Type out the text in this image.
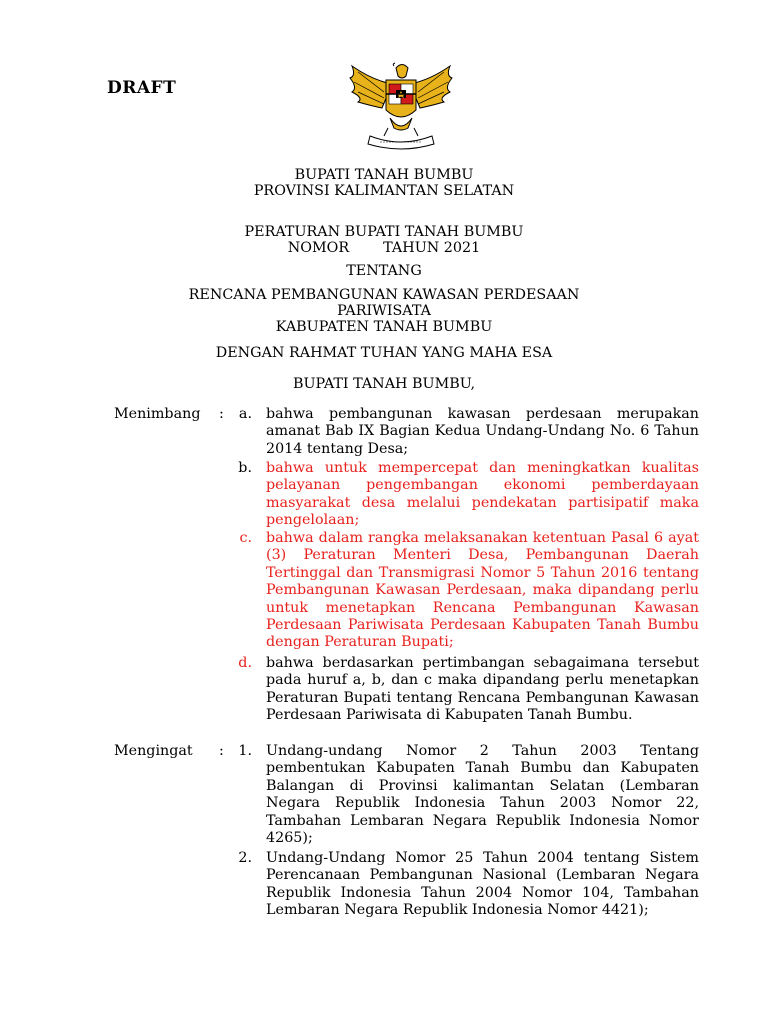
DRAFT
BUPATI TANAH BUMBU
PROVINSI KALIMANTAN SELATAN
PERATURAN BUPATI TANAH BUMBU
NOMOR TAHUN 2021
TENTANG
RENCANA PEMBANGUNAN KAWASAN PERDESAAN
PARIWISATA
KABUPATEN TANAH BUMBU
DENGAN RAHMAT TUHAN YANG MAHA ESA
BUPATI TANAH BUMBU,
Menimbang :	a. bahwa pembangunan kawasan perdesaan merupakan amanat Bab IX Bagian Kedua Undang-Undang No. 6 Tahun 2014 tentang Desa;
b. bahwa untuk mempercepat dan meningkatkan kualitas pelayanan pengembangan ekonomi pemberdayaan masyarakat desa melalui pendekatan partisipatif maka pengelolaan;
c. bahwa dalam rangka melaksanakan ketentuan Pasal 6 ayat (3) Peraturan Menteri Desa, Pembangunan Daerah Tertinggal dan Transmigrasi Nomor 5 Tahun 2016 tentang Pembangunan Kawasan Perdesaan, maka dipandang perlu untuk menetapkan Rencana Pembangunan Kawasan Perdesaan Pariwisata Perdesaan Kabupaten Tanah Bumbu dengan Peraturan Bupati;
d. bahwa berdasarkan pertimbangan sebagaimana tersebut pada huruf a, b, dan c maka dipandang perlu menetapkan Peraturan Bupati tentang Rencana Pembangunan Kawasan Perdesaan Pariwisata di Kabupaten Tanah Bumbu.
Mengingat :	1. Undang-undang Nomor 2 Tahun 2003 Tentang pembentukan Kabupaten Tanah Bumbu dan Kabupaten Balangan di Provinsi kalimantan Selatan (Lembaran Negara Republik Indonesia Tahun 2003 Nomor 22, Tambahan Lembaran Negara Republik Indonesia Nomor 4265);
2. Undang-Undang Nomor 25 Tahun 2004 tentang Sistem Perencanaan Pembangunan Nasional (Lembaran Negara Republik Indonesia Tahun 2004 Nomor 104, Tambahan Lembaran Negara Republik Indonesia Nomor 4421);
